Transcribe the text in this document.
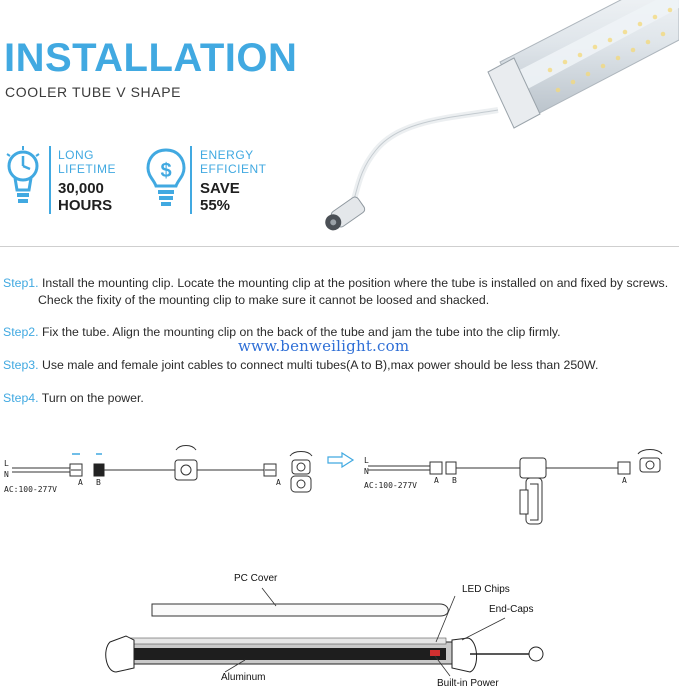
INSTALLATION
COOLER TUBE V SHAPE
LONG
LIFETIME
30,000
HOURS
$
ENERGY
EFFICIENT
SAVE
55%
Step1. Install the mounting clip. Locate the mounting clip at the position where the tube is installed on and fixed by screws.
Check the fixity of the mounting clip to make sure it cannot be loosed and shacked.
Step2. Fix the tube. Align the mounting clip on the back of the tube and jam the tube into the clip firmly.
www.benweilight.com
Step3. Use male and female joint cables to connect multi tubes(A to B),max power should be less than 250W.
Step4. Turn on the power.
L
N
AC:100-277V
A B	A
L
N
AC:100-277V
A B	A
PC Cover
LED Chips
End-Caps
Aluminum
Built-in Power
